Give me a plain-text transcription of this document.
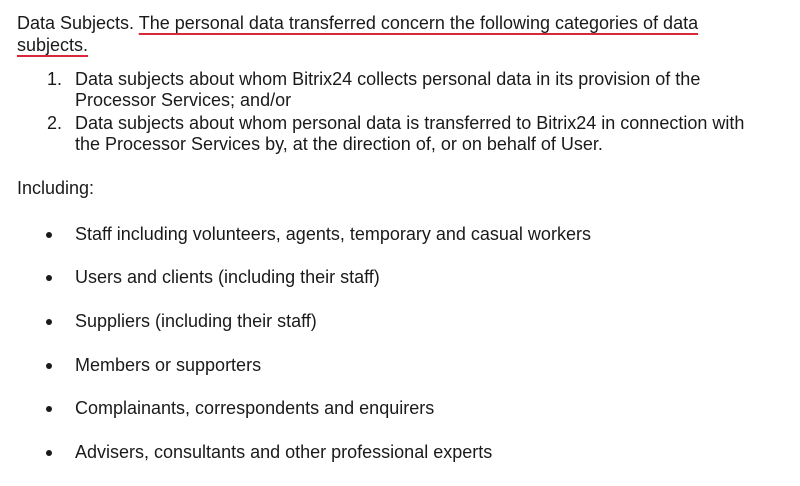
Data Subjects. The personal data transferred concern the following categories of data subjects.
1. Data subjects about whom Bitrix24 collects personal data in its provision of the
Processor Services; and/or
2. Data subjects about whom personal data is transferred to Bitrix24 in connection with
the Processor Services by, at the direction of, or on behalf of User.
Including:
Staff including volunteers, agents, temporary and casual workers
Users and clients (including their staff)
Suppliers (including their staff)
Members or supporters
Complainants, correspondents and enquirers
Advisers, consultants and other professional experts
